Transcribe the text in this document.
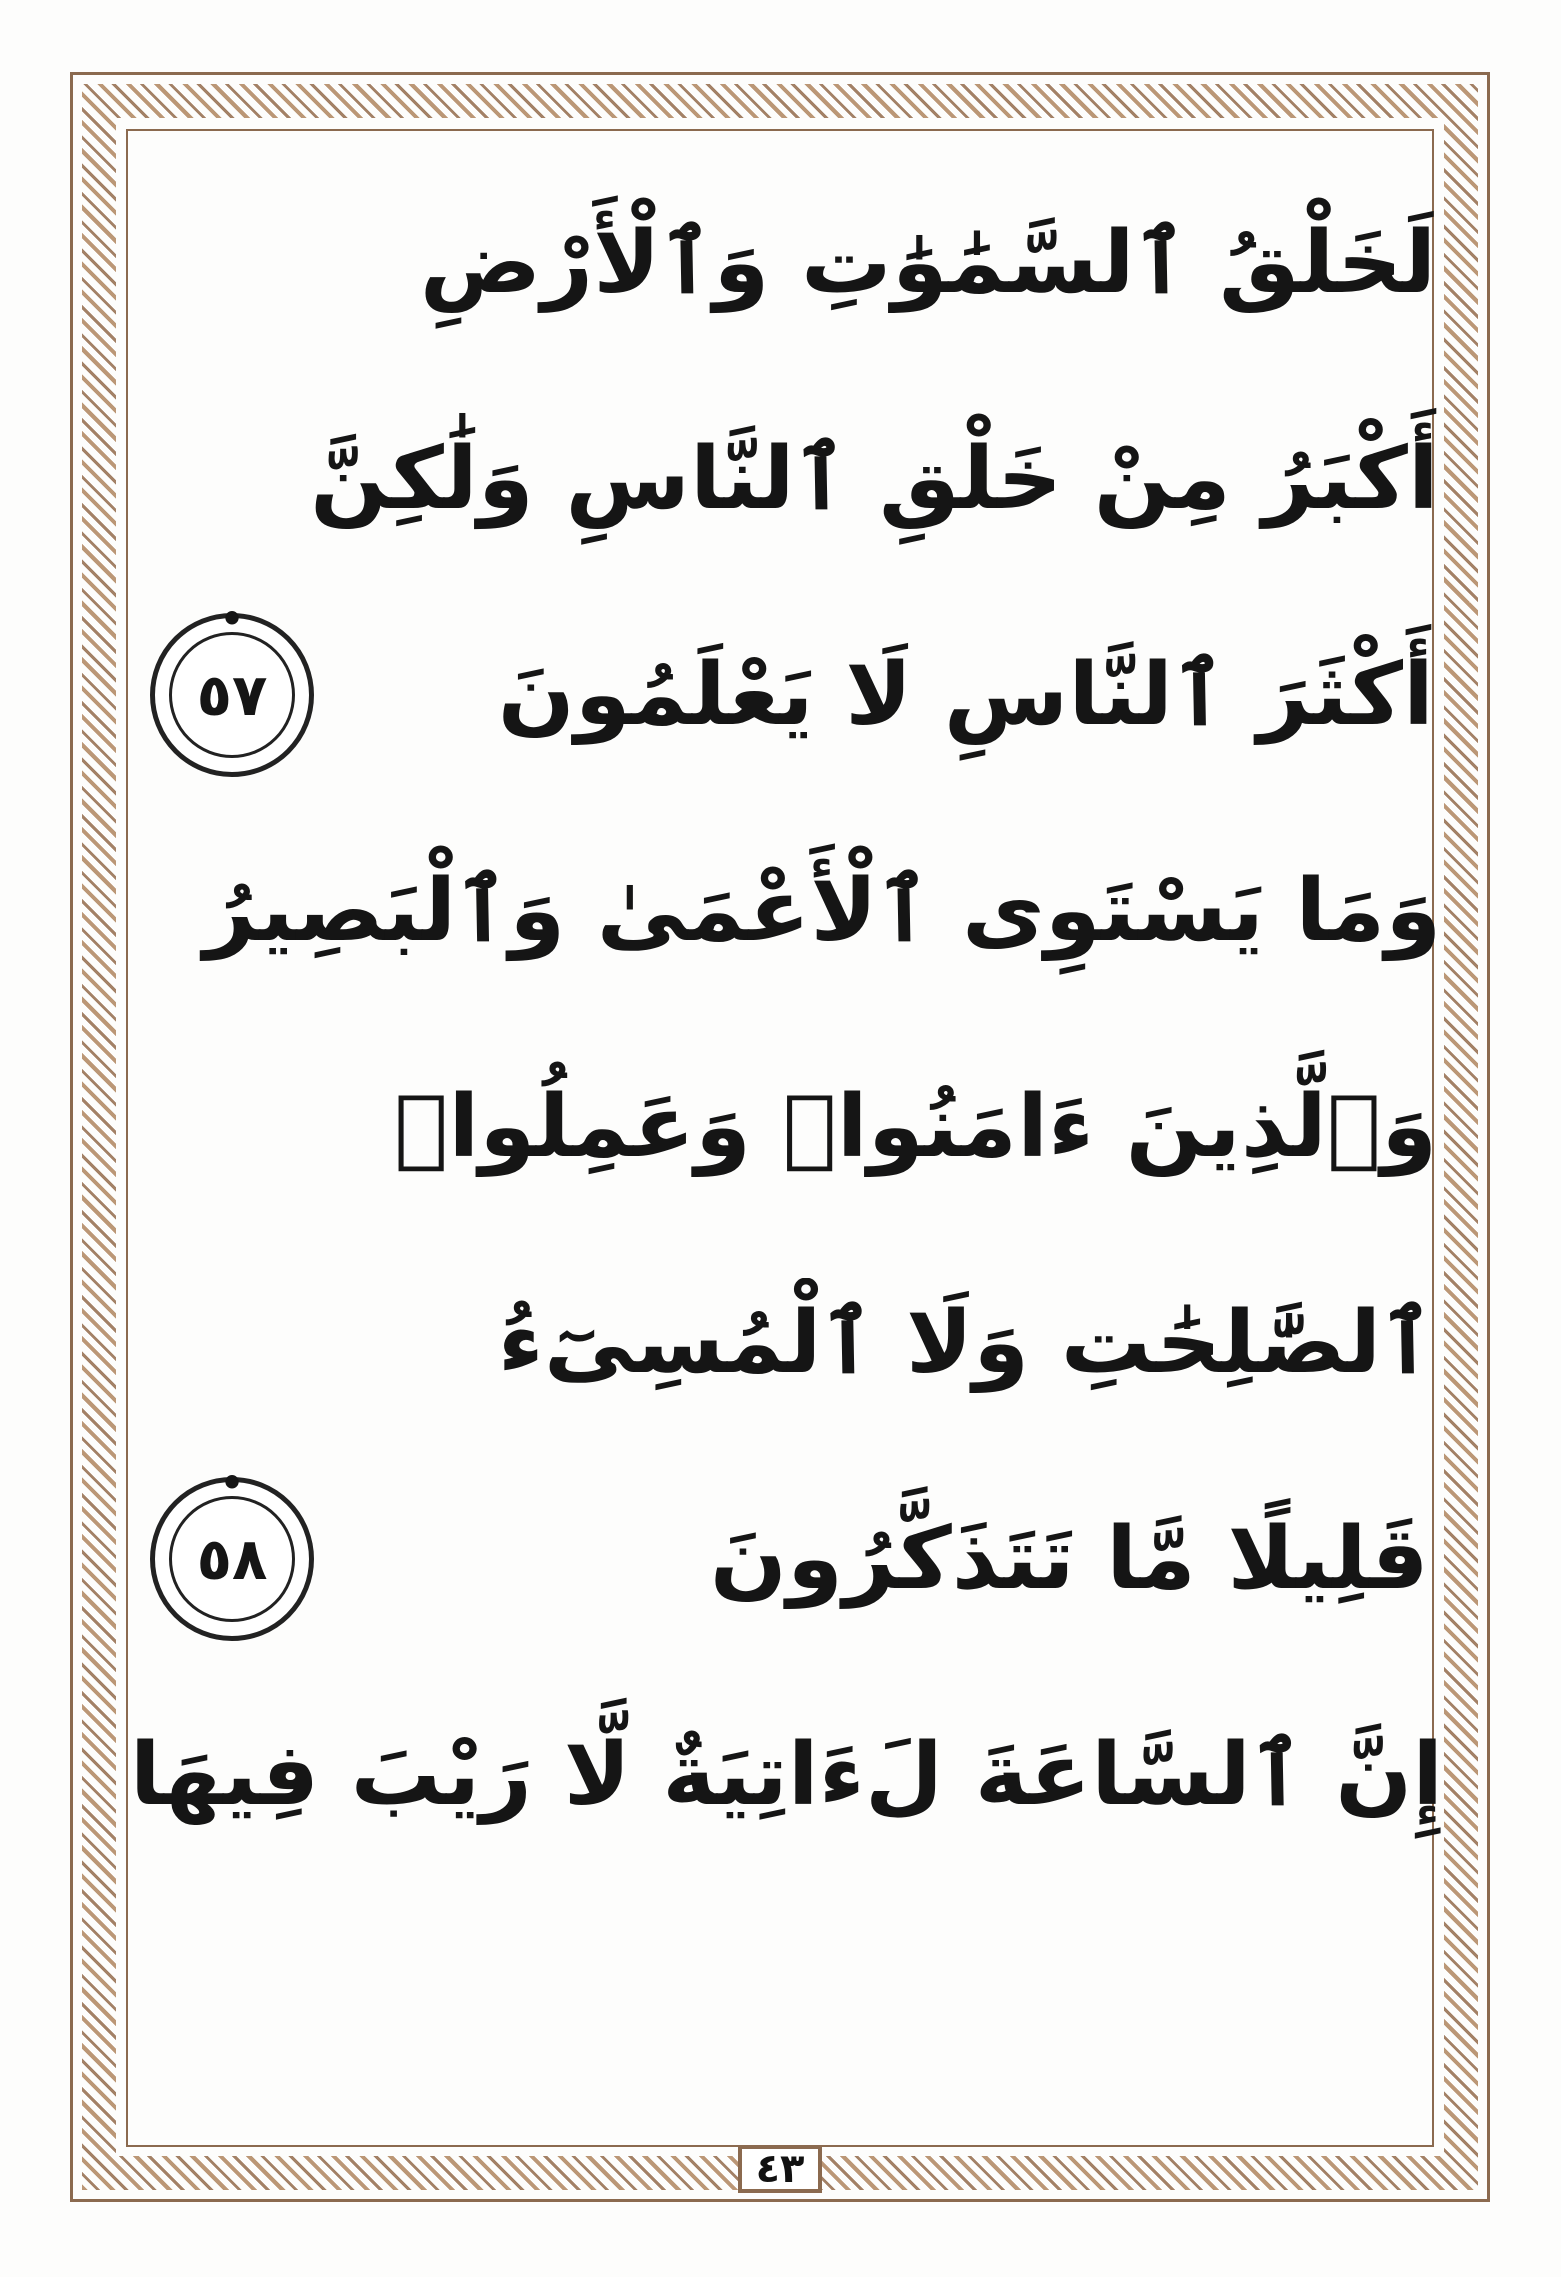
لَخَلْقُ ٱلسَّمَٰوَٰتِ وَٱلْأَرْضِ
أَكْبَرُ مِنْ خَلْقِ ٱلنَّاسِ وَلَٰكِنَّ
أَكْثَرَ ٱلنَّاسِ لَا يَعْلَمُونَ
٥٧ •
وَمَا يَسْتَوِى ٱلْأَعْمَىٰ وَٱلْبَصِيرُ
وَٱلَّذِينَ ءَامَنُوا۟ وَعَمِلُوا۟
ٱلصَّٰلِحَٰتِ وَلَا ٱلْمُسِىٓءُ
قَلِيلًا مَّا تَتَذَكَّرُونَ
٥٨ •
إِنَّ ٱلسَّاعَةَ لَءَاتِيَةٌ لَّا رَيْبَ فِيهَا
٤٣
